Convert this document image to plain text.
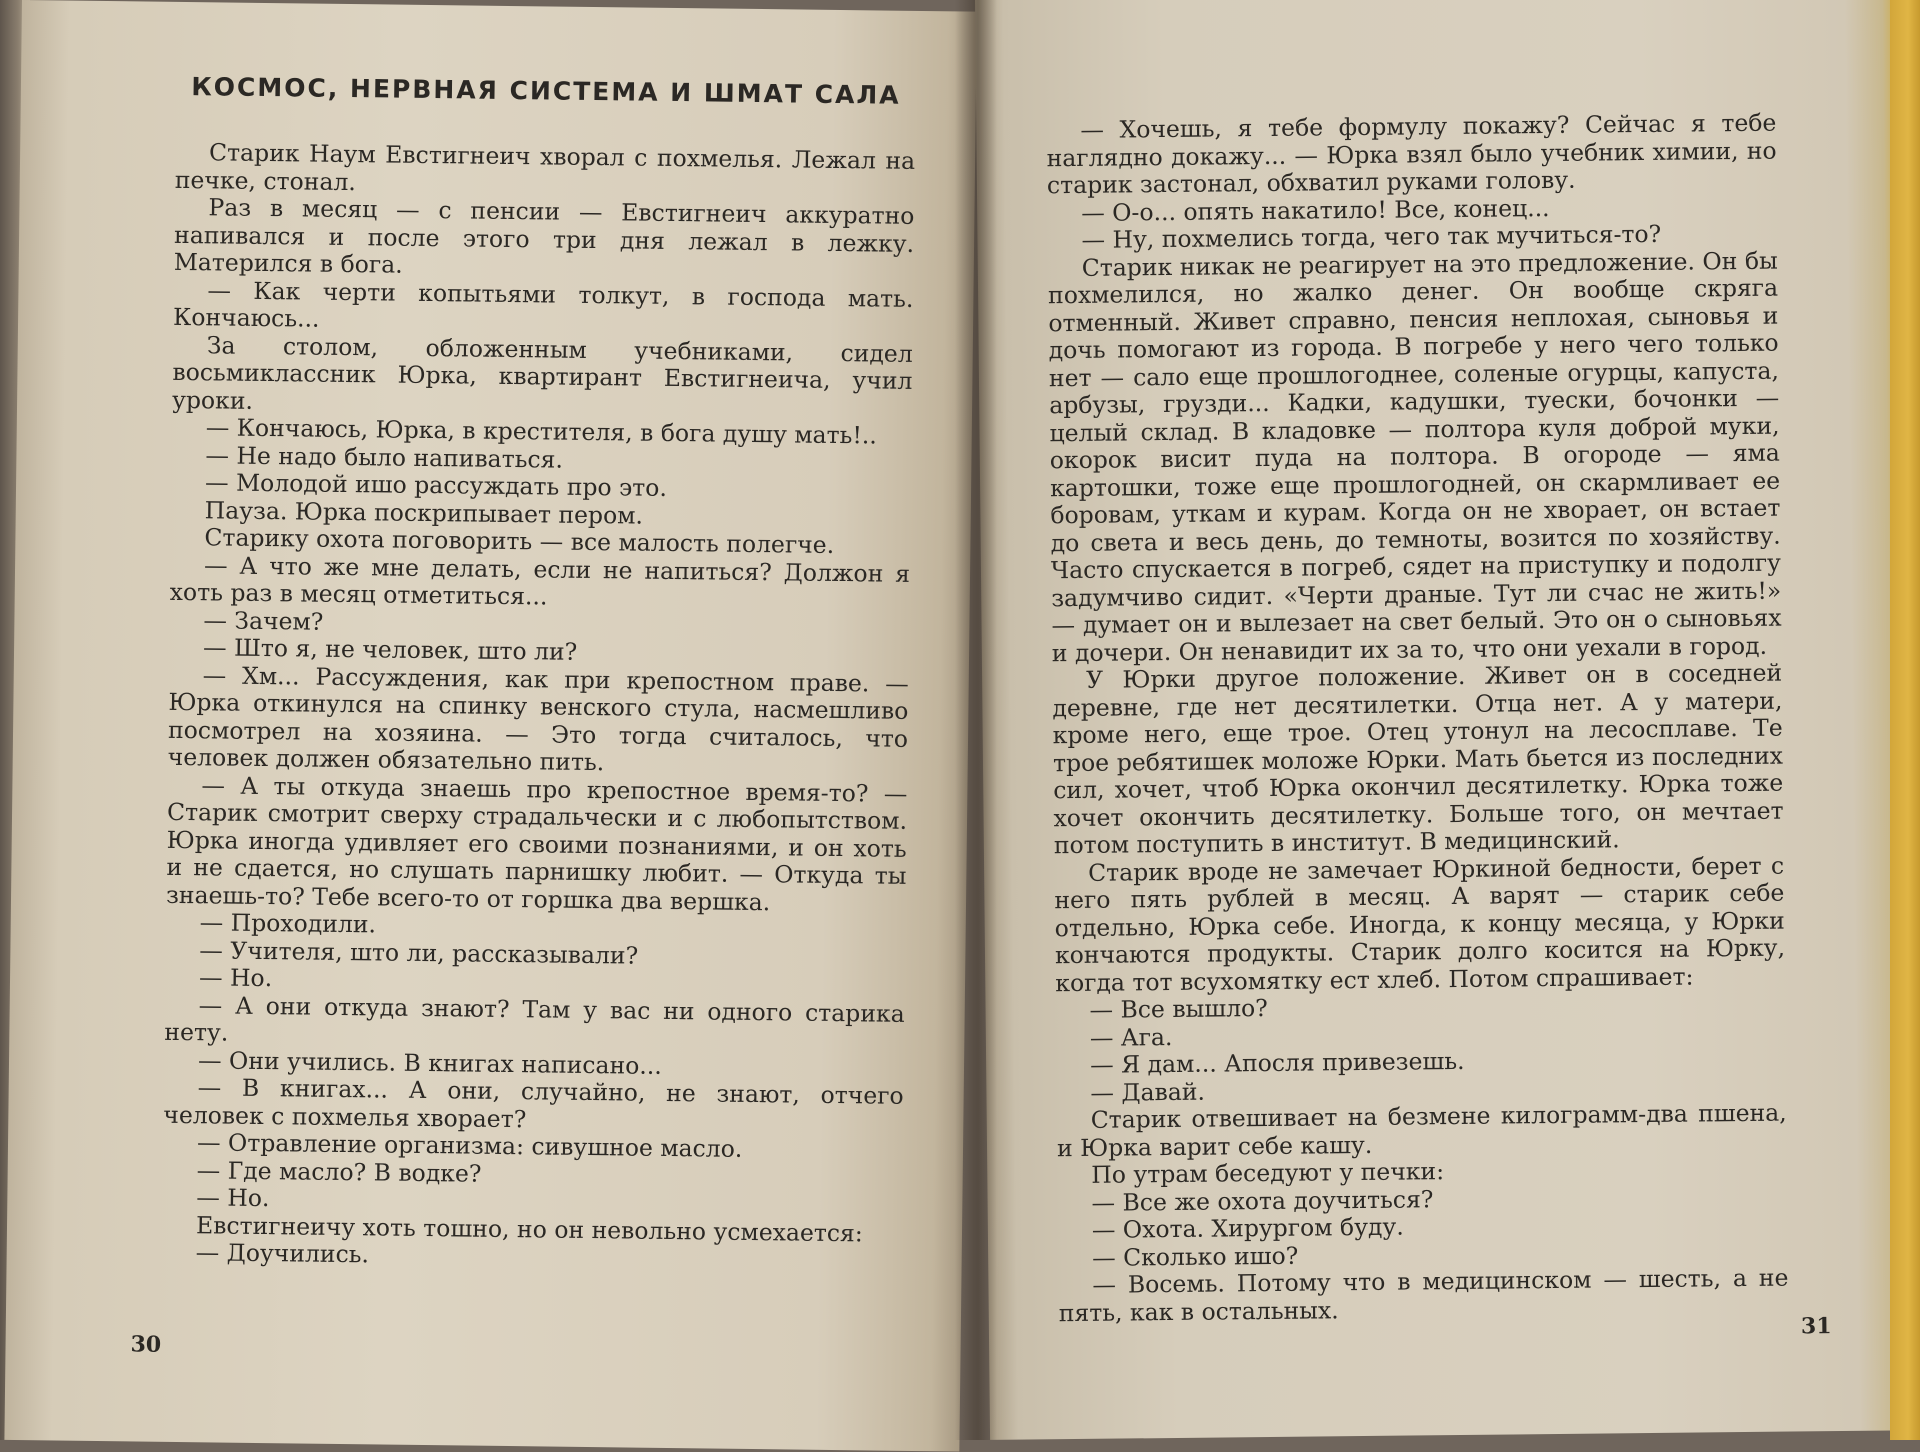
КОСМОС, НЕРВНАЯ СИСТЕМА И ШМАТ САЛА

Старик Наум Евстигнеич хворал с похмелья. Лежал на печке, стонал.

Раз в месяц — с пенсии — Евстигнеич аккуратно напивался и после этого три дня лежал в лежку. Матерился в бога.

— Как черти копытьями толкут, в господа мать. Кончаюсь...

За столом, обложенным учебниками, сидел восьмиклассник Юрка, квартирант Евстигнеича, учил уроки.

— Кончаюсь, Юрка, в крестителя, в бога душу мать!..

— Не надо было напиваться.

— Молодой ишо рассуждать про это.

Пауза. Юрка поскрипывает пером.

Старику охота поговорить — все малость полегче.

— А что же мне делать, если не напиться? Должон я хоть раз в месяц отметиться...

— Зачем?

— Што я, не человек, што ли?

— Хм... Рассуждения, как при крепостном праве. — Юрка откинулся на спинку венского стула, насмешливо посмотрел на хозяина. — Это тогда считалось, что человек должен обязательно пить.

— А ты откуда знаешь про крепостное время-то? — Старик смотрит сверху страдальчески и с любопытством. Юрка иногда удивляет его своими познаниями, и он хоть и не сдается, но слушать парнишку любит. — Откуда ты знаешь-то? Тебе всего-то от горшка два вершка.

— Проходили.

— Учителя, што ли, рассказывали?

— Но.

— А они откуда знают? Там у вас ни одного старика нету.

— Они учились. В книгах написано...

— В книгах... А они, случайно, не знают, отчего человек с похмелья хворает?

— Отравление организма: сивушное масло.

— Где масло? В водке?

— Но.

Евстигнеичу хоть тошно, но он невольно усмехается:

— Доучились.

30

— Хочешь, я тебе формулу покажу? Сейчас я тебе наглядно докажу... — Юрка взял было учебник химии, но старик застонал, обхватил руками голову.

— О-о... опять накатило! Все, конец...

— Ну, похмелись тогда, чего так мучиться-то?

Старик никак не реагирует на это предложение. Он бы похмелился, но жалко денег. Он вообще скряга отменный. Живет справно, пенсия неплохая, сыновья и дочь помогают из города. В погребе у него чего только нет — сало еще прошлогоднее, соленые огурцы, капуста, арбузы, грузди... Кадки, кадушки, туески, бочонки — целый склад. В кладовке — полтора куля доброй муки, окорок висит пуда на полтора. В огороде — яма картошки, тоже еще прошлогодней, он скармливает ее боровам, уткам и курам. Когда он не хворает, он встает до света и весь день, до темноты, возится по хозяйству. Часто спускается в погреб, сядет на приступку и подолгу задумчиво сидит. «Черти драные. Тут ли счас не жить!» — думает он и вылезает на свет белый. Это он о сыновьях и дочери. Он ненавидит их за то, что они уехали в город.

У Юрки другое положение. Живет он в соседней деревне, где нет десятилетки. Отца нет. А у матери, кроме него, еще трое. Отец утонул на лесосплаве. Те трое ребятишек моложе Юрки. Мать бьется из последних сил, хочет, чтоб Юрка окончил десятилетку. Юрка тоже хочет окончить десятилетку. Больше того, он мечтает потом поступить в институт. В медицинский.

Старик вроде не замечает Юркиной бедности, берет с него пять рублей в месяц. А варят — старик себе отдельно, Юрка себе. Иногда, к концу месяца, у Юрки кончаются продукты. Старик долго косится на Юрку, когда тот всухомятку ест хлеб. Потом спрашивает:

— Все вышло?

— Ага.

— Я дам... Апосля привезешь.

— Давай.

Старик отвешивает на безмене килограмм-два пшена, и Юрка варит себе кашу.

По утрам беседуют у печки:

— Все же охота доучиться?

— Охота. Хирургом буду.

— Сколько ишо?

— Восемь. Потому что в медицинском — шесть, а не пять, как в остальных.	31
